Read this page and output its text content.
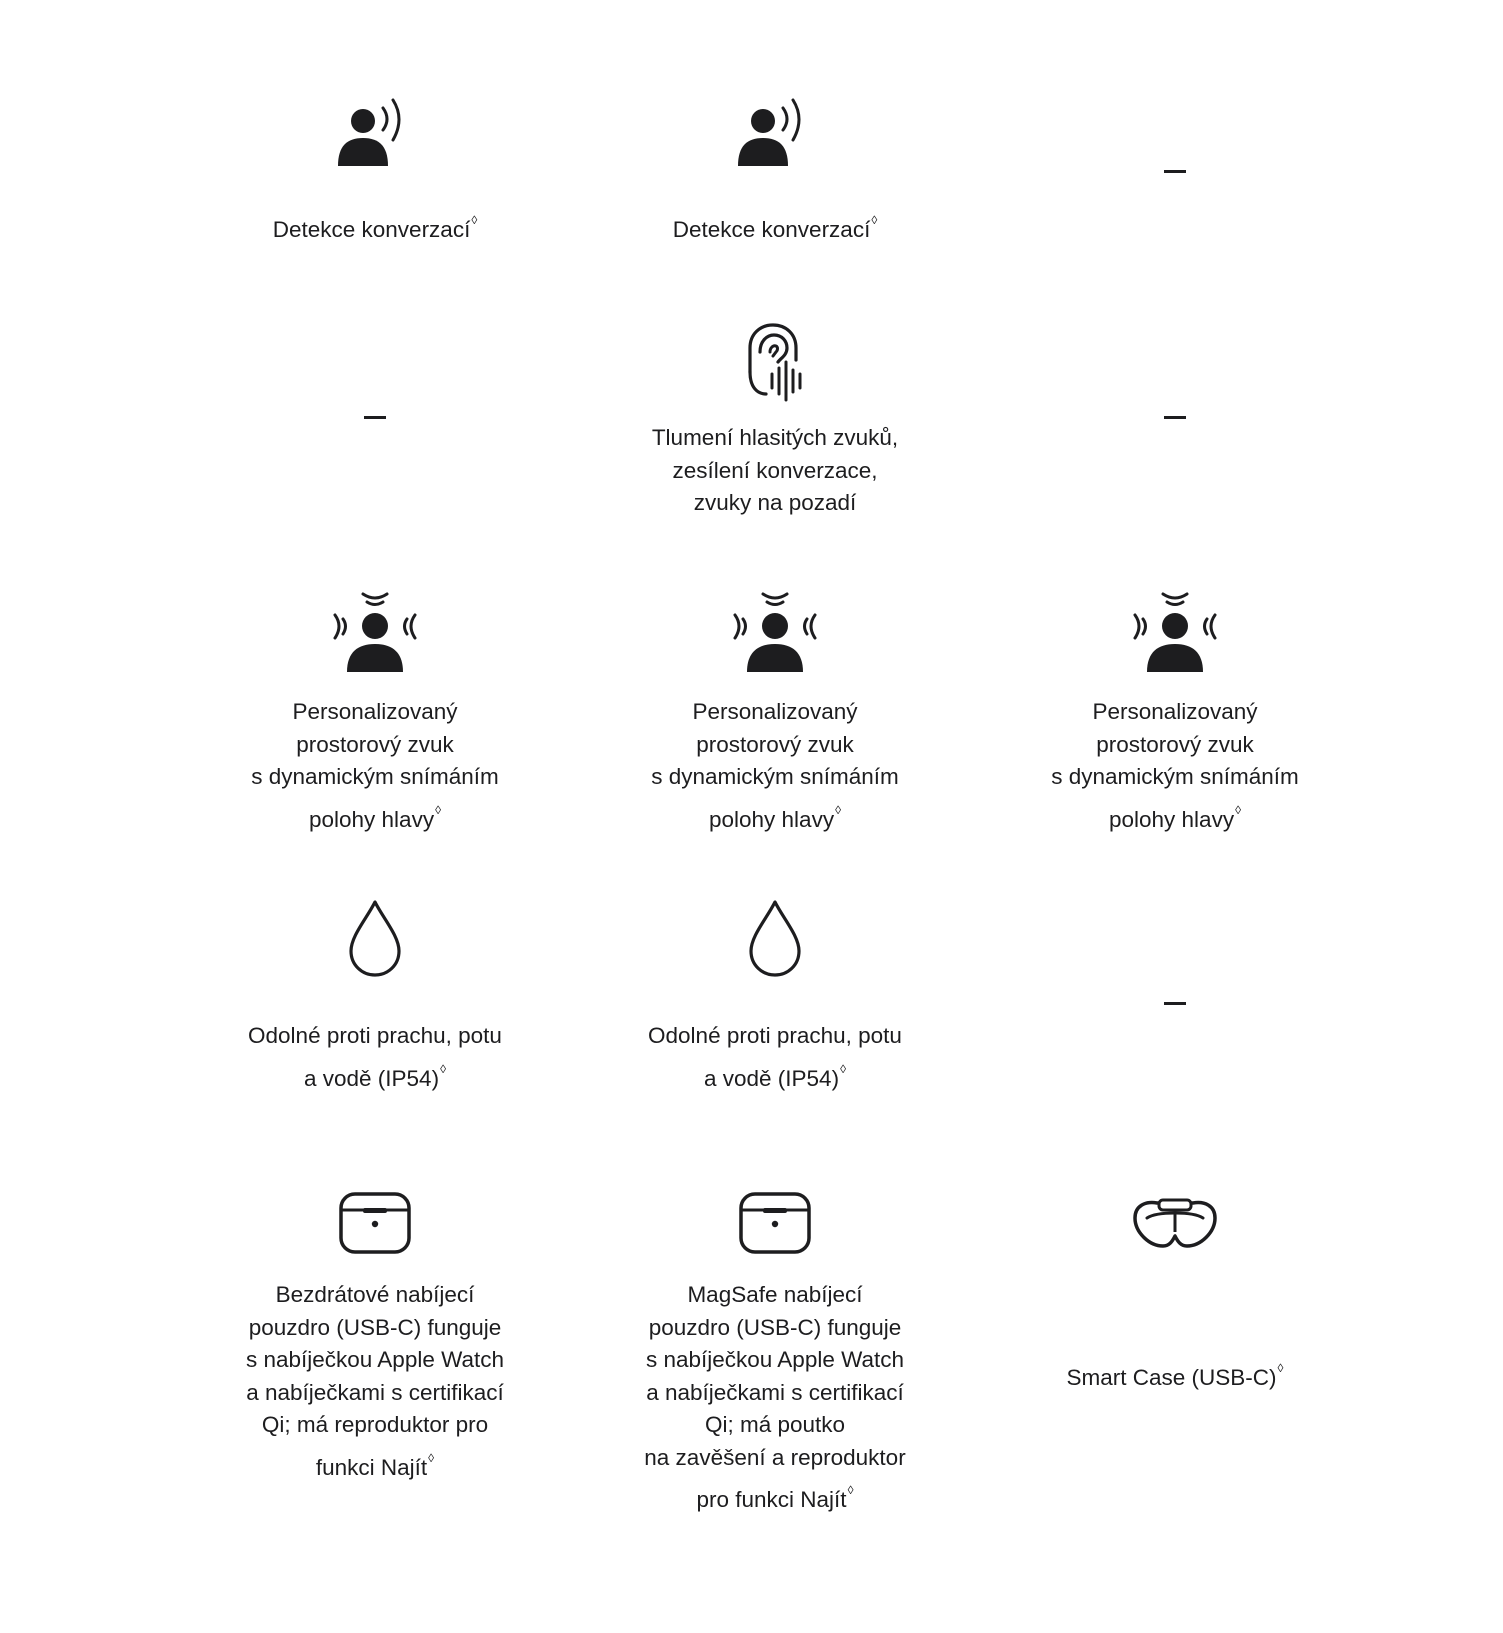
Detekce konverzací◊	Detekce konverzací◊
Tlumení hlasitých zvuků,
zesílení konverzace,
zvuky na pozadí
Personalizovaný
prostorový zvuk
s dynamickým snímáním
polohy hlavy◊
Personalizovaný
prostorový zvuk
s dynamickým snímáním
polohy hlavy◊
Personalizovaný
prostorový zvuk
s dynamickým snímáním
polohy hlavy◊
Odolné proti prachu, potu
a vodě (IP54)◊
Odolné proti prachu, potu
a vodě (IP54)◊
Bezdrátové nabíjecí
pouzdro (USB-C) funguje
s nabíječkou Apple Watch
a nabíječkami s certifikací
Qi; má reproduktor pro
funkci Najít◊
MagSafe nabíjecí
pouzdro (USB-C) funguje
s nabíječkou Apple Watch
a nabíječkami s certifikací
Qi; má poutko
na zavěšení a reproduktor
pro funkci Najít◊
Smart Case (USB-C)◊
